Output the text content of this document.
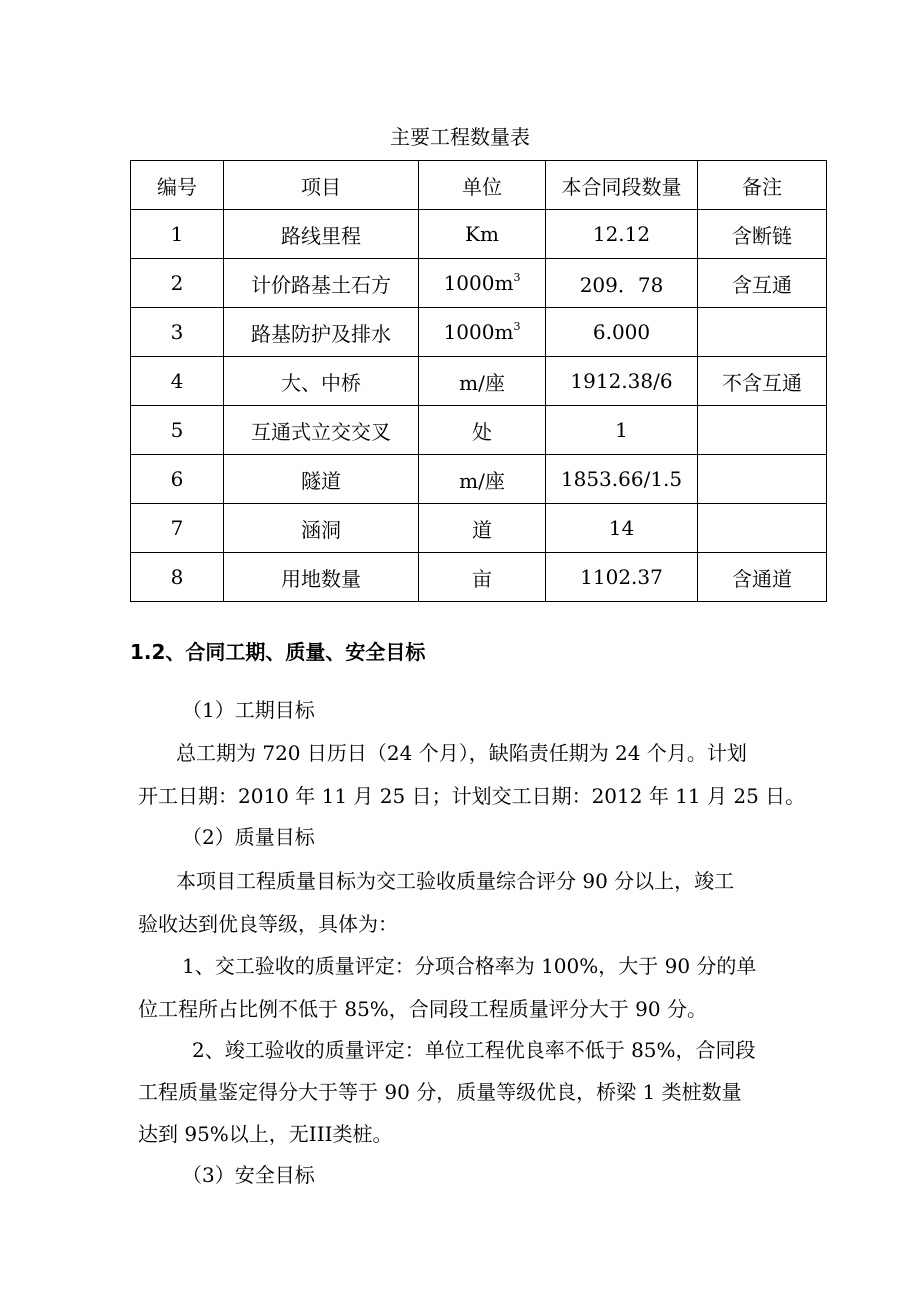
主要工程数量表
编号	项目	单位	本合同段数量	备注
1	路线里程	Km	12.12	含断链
2	计价路基土石方	$1000m^3$	209．78	含互通
3	路基防护及排水	$1000m^3$	6.000	
4	大、中桥	m/座	1912.38/6	不含互通
5	互通式立交交叉	处	1	
6	隧道	m/座	1853.66/1.5	
7	涵洞	道	14	
8	用地数量	亩	1102.37	含通道
1.2、合同工期、质量、安全目标
（1）工期目标
总工期为 720 日历日（24 个月），缺陷责任期为 24 个月。计划
开工日期：2010 年 11 月 25 日；计划交工日期：2012 年 11 月 25 日。
（2）质量目标
本项目工程质量目标为交工验收质量综合评分 90 分以上，竣工
验收达到优良等级，具体为：
1、交工验收的质量评定：分项合格率为 100%，大于 90 分的单
位工程所占比例不低于 85%，合同段工程质量评分大于 90 分。
2、竣工验收的质量评定：单位工程优良率不低于 85%，合同段
工程质量鉴定得分大于等于 90 分，质量等级优良，桥梁 1 类桩数量
达到 95%以上，无III类桩。
（3）安全目标
